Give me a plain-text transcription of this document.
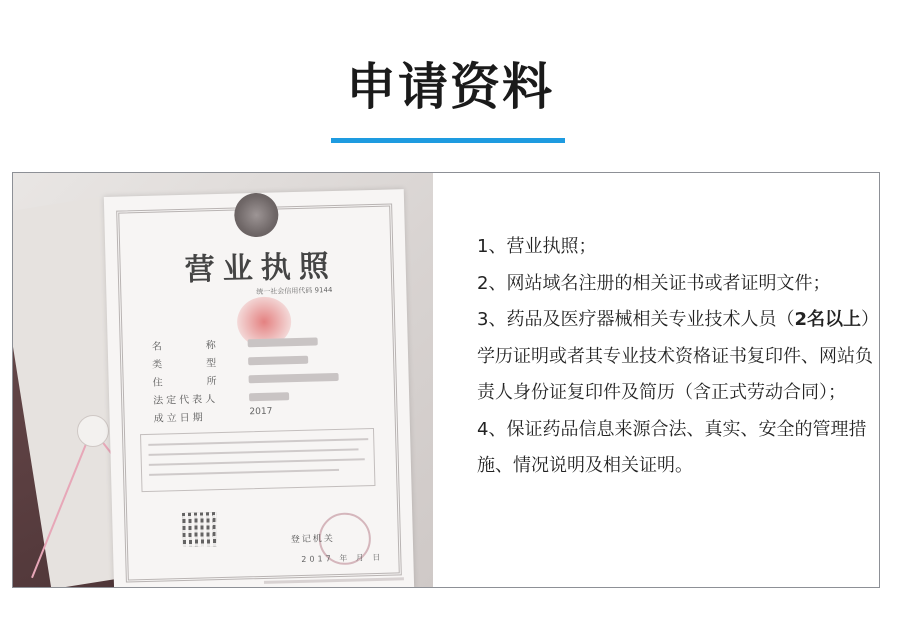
申请资料
营业执照
统一社会信用代码 9144
名　　称
类　　型
住　　所
法定代表人
成立日期
2017
登记机关
2017 年 月 日

1、营业执照；

2、网站域名注册的相关证书或者证明文件；

3、药品及医疗器械相关专业技术人员（2名以上）学历证明或者其专业技术资格证书复印件、网站负责人身份证复印件及简历（含正式劳动合同）；

4、保证药品信息来源合法、真实、安全的管理措施、情况说明及相关证明。
